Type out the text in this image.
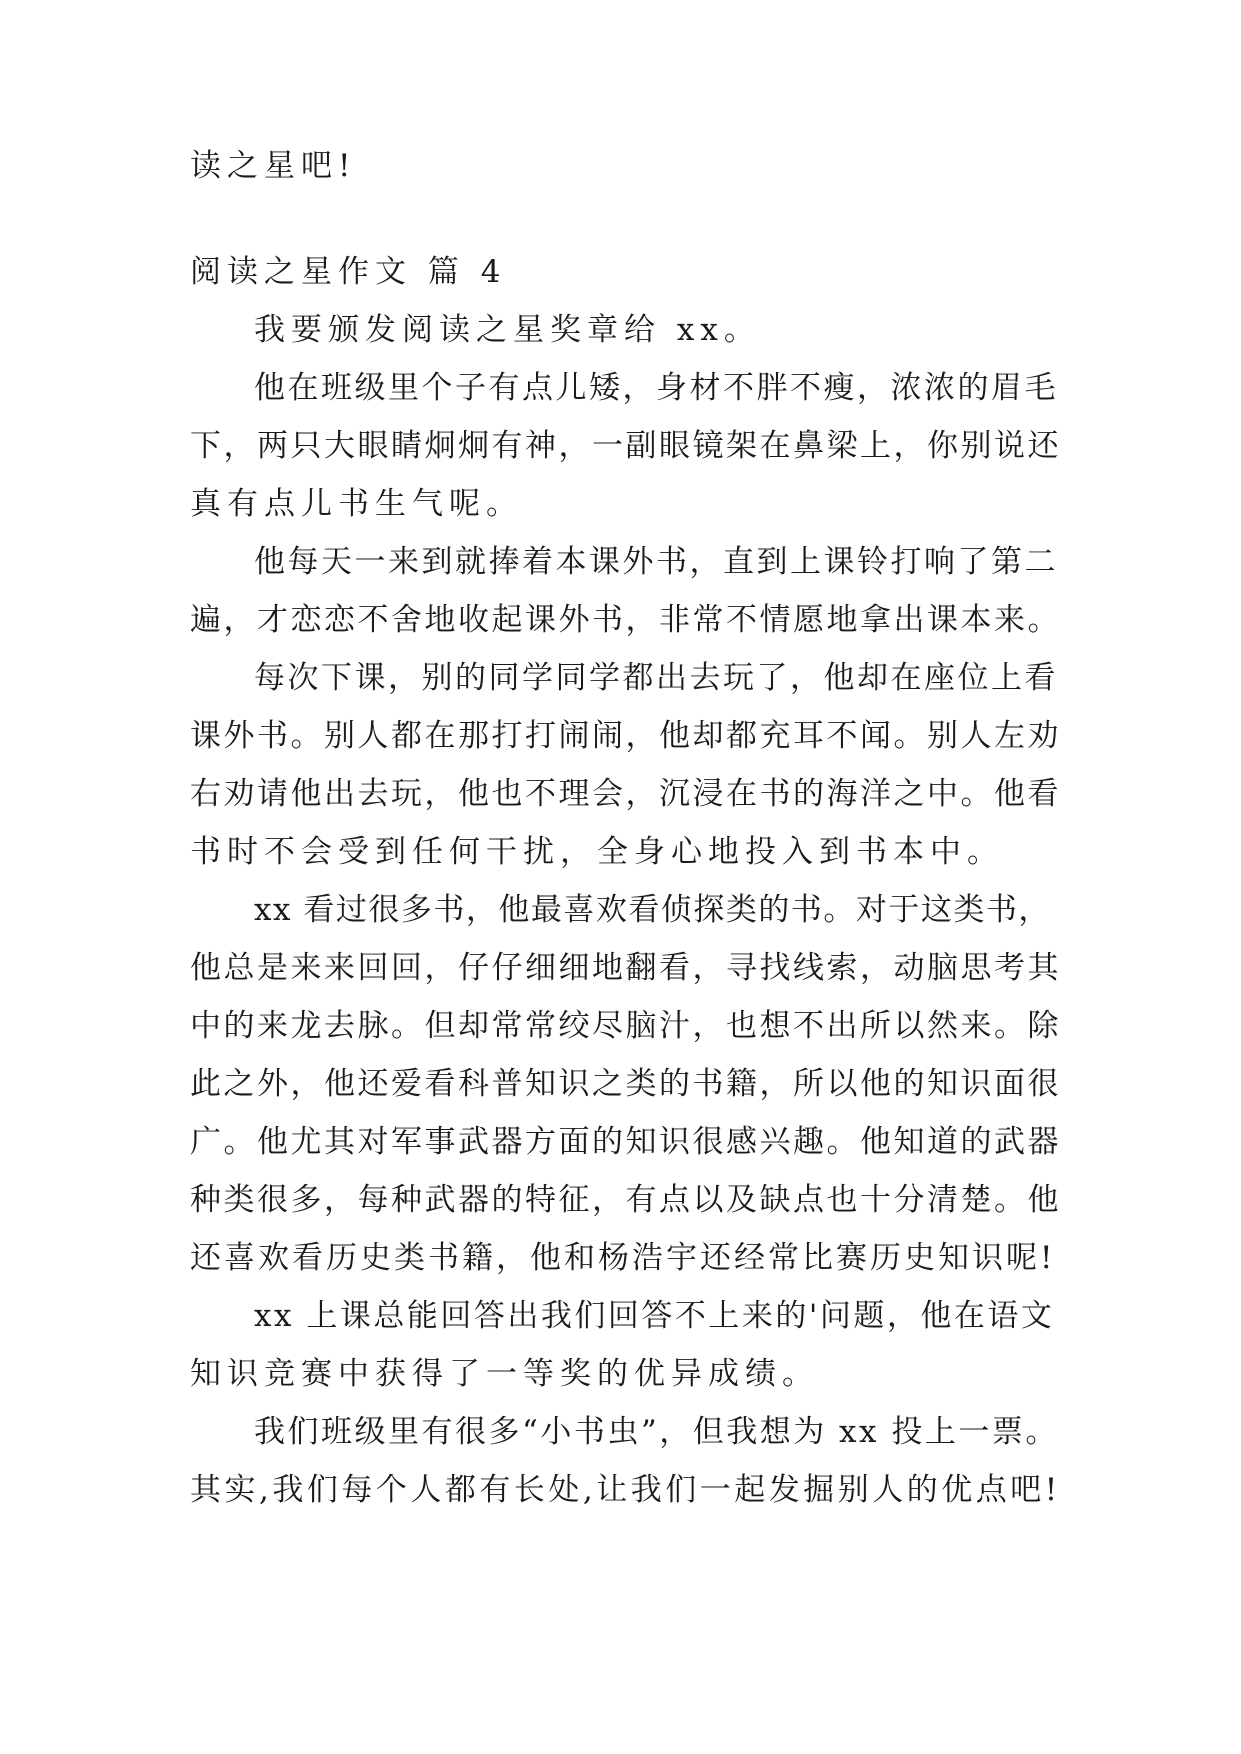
读之星吧!
阅读之星作文 篇 4
我要颁发阅读之星奖章给 xx。
他在班级里个子有点儿矮，身材不胖不瘦，浓浓的眉毛
下，两只大眼睛炯炯有神，一副眼镜架在鼻梁上，你别说还
真有点儿书生气呢。
他每天一来到就捧着本课外书，直到上课铃打响了第二
遍，才恋恋不舍地收起课外书，非常不情愿地拿出课本来。
每次下课，别的同学同学都出去玩了，他却在座位上看
课外书。别人都在那打打闹闹，他却都充耳不闻。别人左劝
右劝请他出去玩，他也不理会，沉浸在书的海洋之中。他看
书时不会受到任何干扰，全身心地投入到书本中。
xx 看过很多书，他最喜欢看侦探类的书。对于这类书，
他总是来来回回，仔仔细细地翻看，寻找线索，动脑思考其
中的来龙去脉。但却常常绞尽脑汁，也想不出所以然来。除
此之外，他还爱看科普知识之类的书籍，所以他的知识面很
广。他尤其对军事武器方面的知识很感兴趣。他知道的武器
种类很多，每种武器的特征，有点以及缺点也十分清楚。他
还喜欢看历史类书籍，他和杨浩宇还经常比赛历史知识呢!
xx 上课总能回答出我们回答不上来的'问题，他在语文
知识竞赛中获得了一等奖的优异成绩。
我们班级里有很多“小书虫”，但我想为 xx 投上一票。
其实,我们每个人都有长处,让我们一起发掘别人的优点吧!
